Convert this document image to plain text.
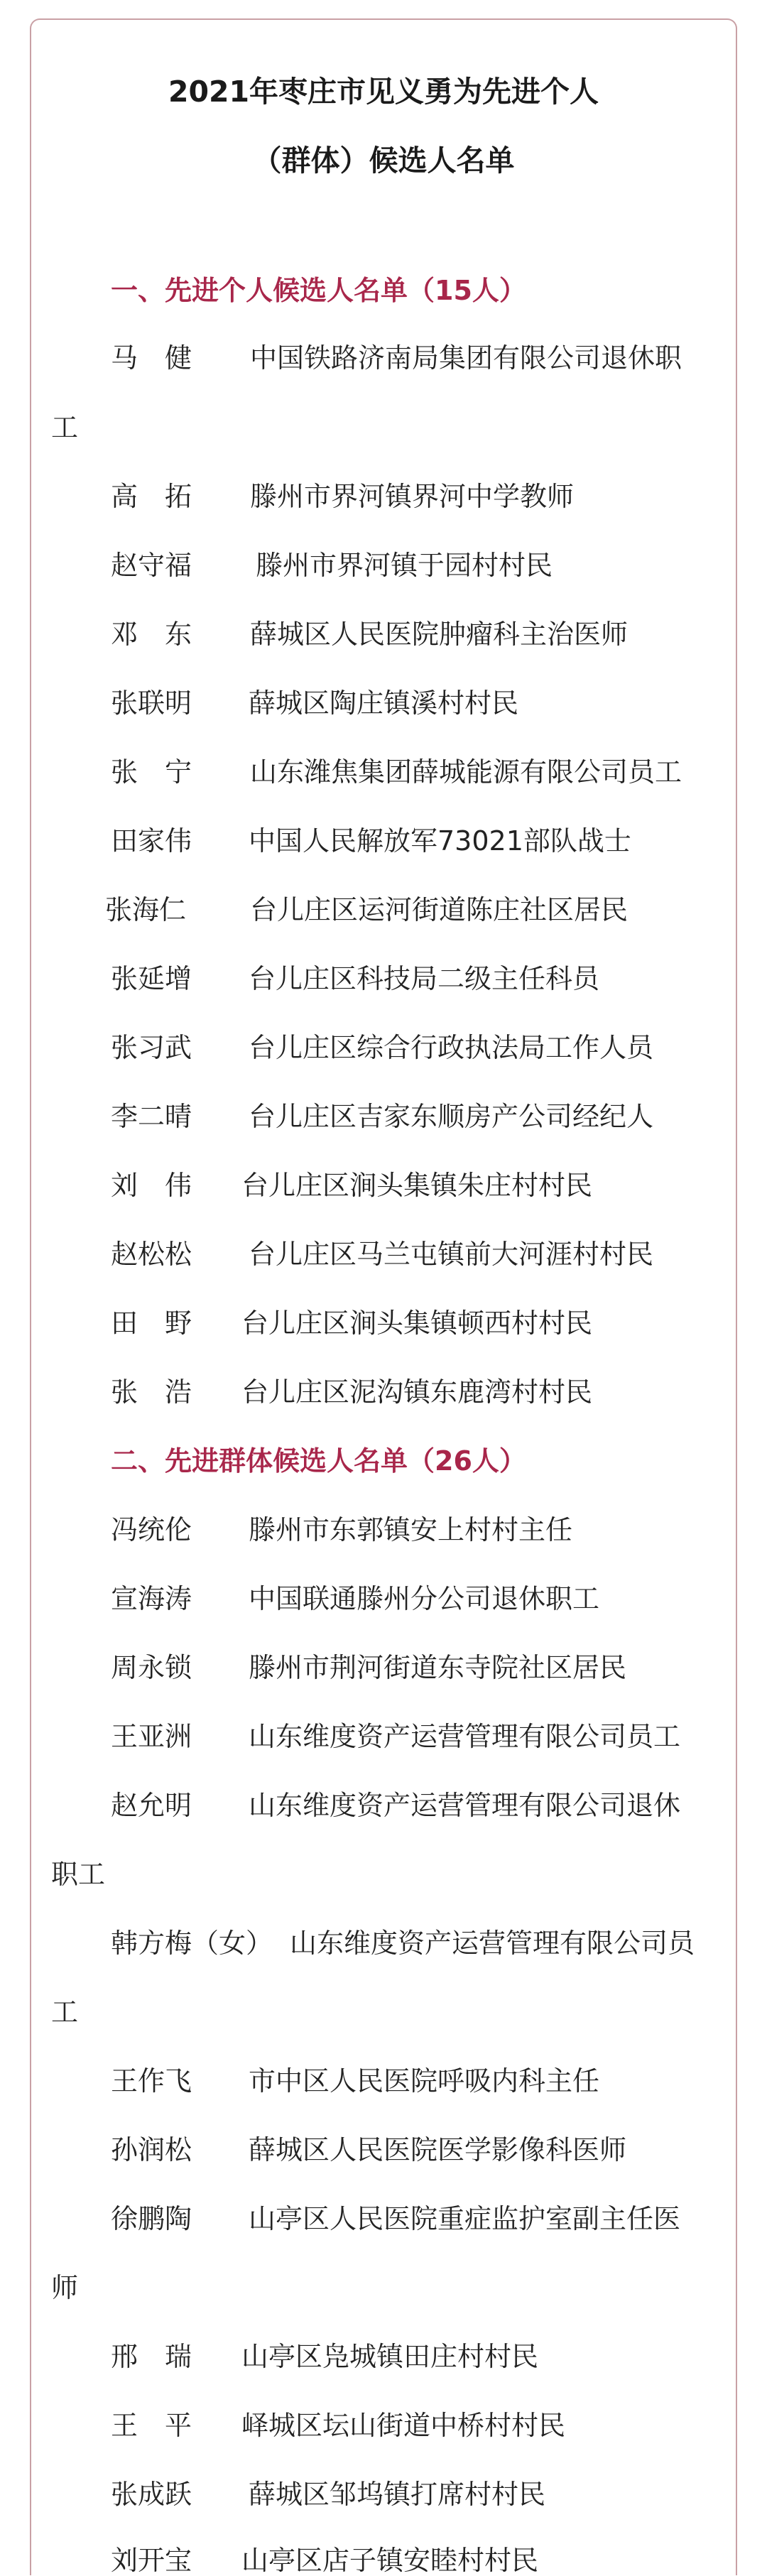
2021年枣庄市见义勇为先进个人
（群体）候选人名单
一、先进个人候选人名单（15人）
马　健 中国铁路济南局集团有限公司退休职
工
高　拓 滕州市界河镇界河中学教师
赵守福 滕州市界河镇于园村村民
邓　东 薛城区人民医院肿瘤科主治医师
张联明 薛城区陶庄镇溪村村民
张　宁 山东潍焦集团薛城能源有限公司员工
田家伟 中国人民解放军73021部队战士
张海仁 台儿庄区运河街道陈庄社区居民
张延增 台儿庄区科技局二级主任科员
张习武 台儿庄区综合行政执法局工作人员
李二晴 台儿庄区吉家东顺房产公司经纪人
刘　伟 台儿庄区涧头集镇朱庄村村民
赵松松 台儿庄区马兰屯镇前大河涯村村民
田　野 台儿庄区涧头集镇顿西村村民
张　浩 台儿庄区泥沟镇东鹿湾村村民
二、先进群体候选人名单（26人）
冯统伦 滕州市东郭镇安上村村主任
宣海涛 中国联通滕州分公司退休职工
周永锁 滕州市荆河街道东寺院社区居民
王亚洲 山东维度资产运营管理有限公司员工
赵允明 山东维度资产运营管理有限公司退休
职工
韩方梅（女） 山东维度资产运营管理有限公司员
工
王作飞 市中区人民医院呼吸内科主任
孙润松 薛城区人民医院医学影像科医师
徐鹏陶 山亭区人民医院重症监护室副主任医
师
邢　瑞 山亭区凫城镇田庄村村民
王　平 峄城区坛山街道中桥村村民
张成跃 薛城区邹坞镇打席村村民
刘开宝 山亭区店子镇安睦村村民
